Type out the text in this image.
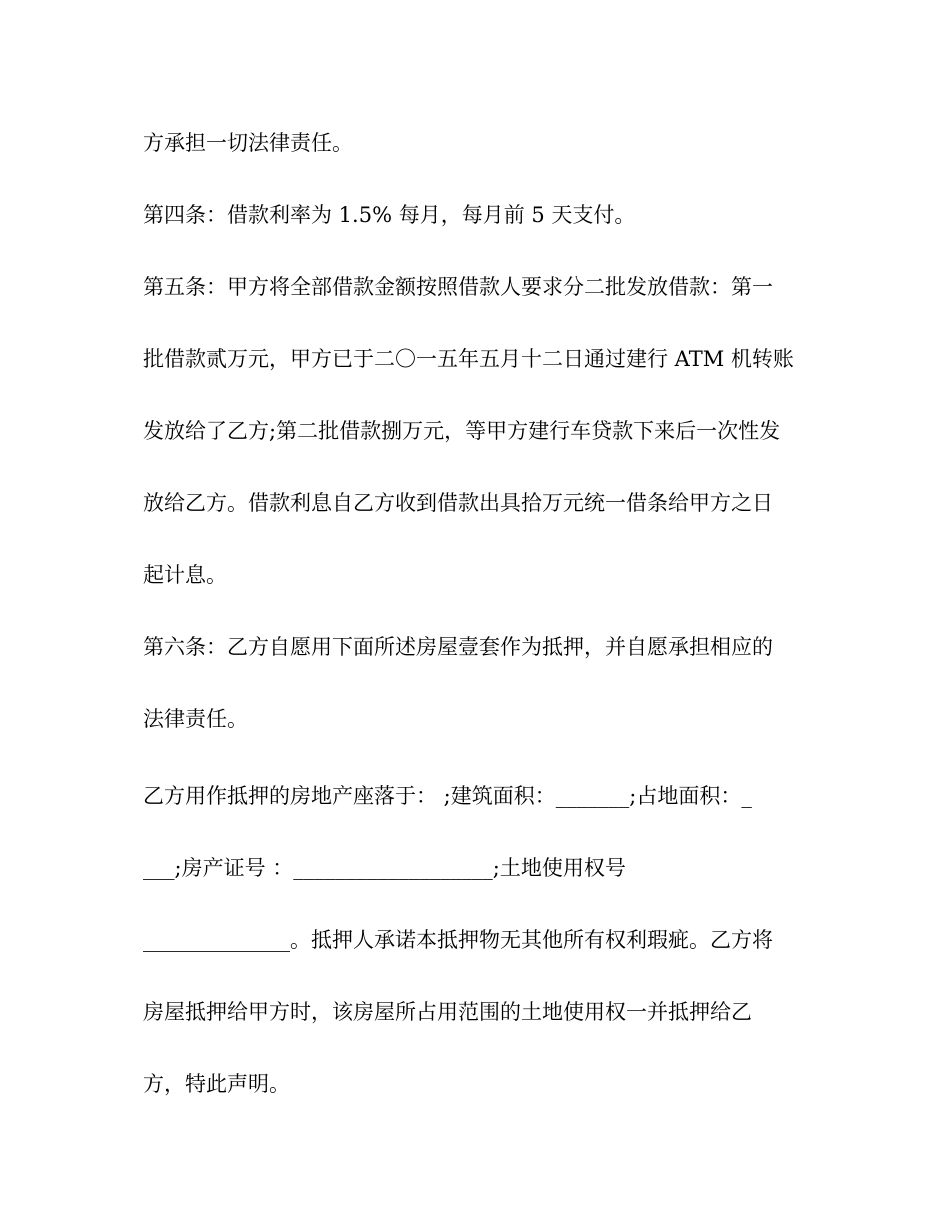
方承担一切法律责任。

第四条：借款利率为 1.5% 每月，每月前 5 天支付。

第五条：甲方将全部借款金额按照借款人要求分二批发放借款：第一

批借款贰万元，甲方已于二〇一五年五月十二日通过建行 ATM 机转账

发放给了乙方;第二批借款捌万元，等甲方建行车贷款下来后一次性发

放给乙方。借款利息自乙方收到借款出具拾万元统一借条给甲方之日

起计息。

第六条：乙方自愿用下面所述房屋壹套作为抵押，并自愿承担相应的

法律责任。

乙方用作抵押的房地产座落于： ;建筑面积：_______;占地面积：_

___;房产证号 ：___________________;土地使用权号

______________。抵押人承诺本抵押物无其他所有权利瑕疵。乙方将

房屋抵押给甲方时，该房屋所占用范围的土地使用权一并抵押给乙

方，特此声明。
